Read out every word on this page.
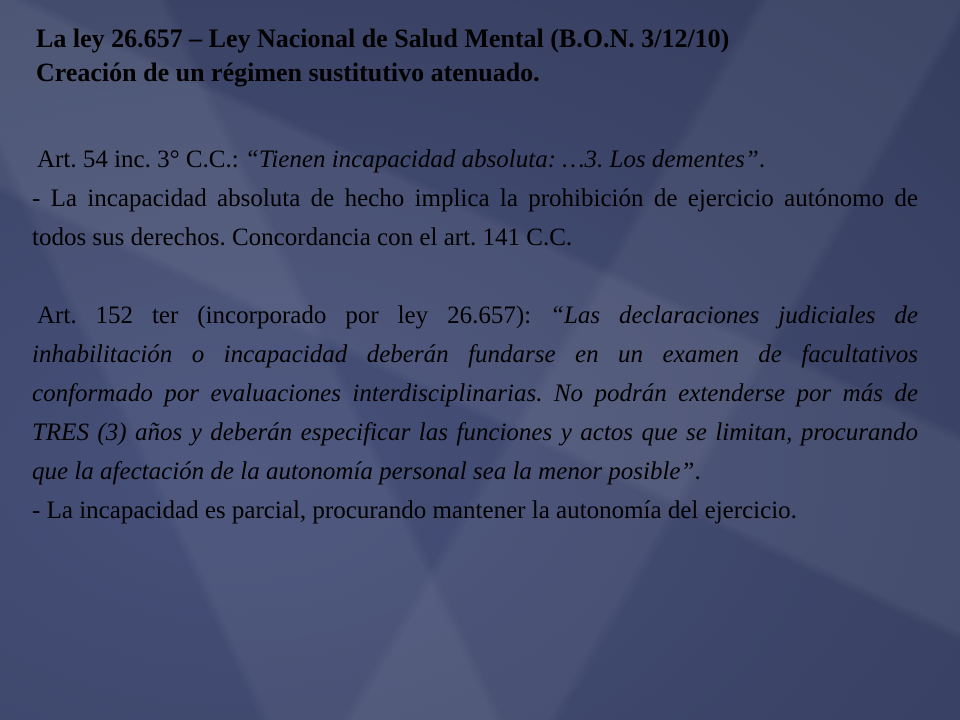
La ley 26.657 – Ley Nacional de Salud Mental (B.O.N. 3/12/10)
Creación de un régimen sustitutivo atenuado.

Art. 54 inc. 3° C.C.: “Tienen incapacidad absoluta: …3. Los dementes”.

- La incapacidad absoluta de hecho implica la prohibición de ejercicio autónomo de todos sus derechos. Concordancia con el art. 141 C.C.

Art. 152 ter (incorporado por ley 26.657): “Las declaraciones judiciales de inhabilitación o incapacidad deberán fundarse en un examen de facultativos conformado por evaluaciones interdisciplinarias. No podrán extenderse por más de TRES (3) años y deberán especificar las funciones y actos que se limitan, procurando que la afectación de la autonomía personal sea la menor posible”.

- La incapacidad es parcial, procurando mantener la autonomía del ejercicio.
